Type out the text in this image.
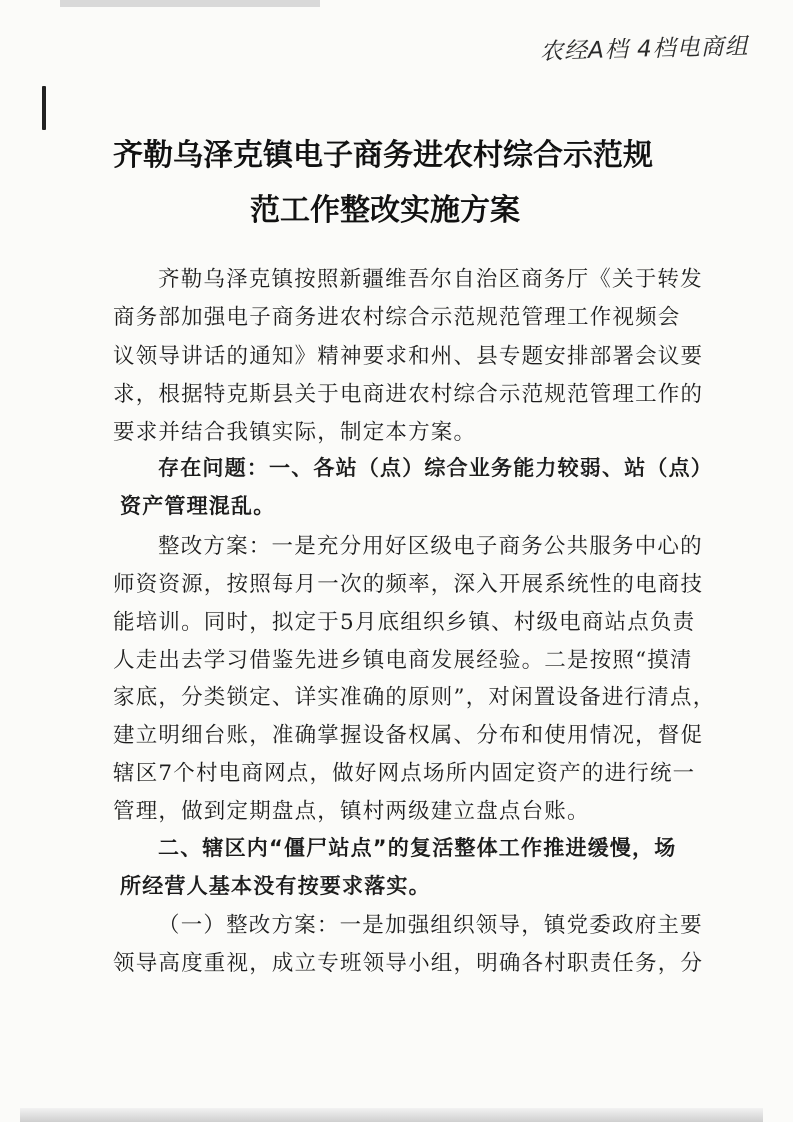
农经A档 4档电商组
齐勒乌泽克镇电子商务进农村综合示范规
范工作整改实施方案
齐勒乌泽克镇按照新疆维吾尔自治区商务厅《关于转发
商务部加强电子商务进农村综合示范规范管理工作视频会
议领导讲话的通知》精神要求和州、县专题安排部署会议要
求，根据特克斯县关于电商进农村综合示范规范管理工作的
要求并结合我镇实际，制定本方案。
存在问题：一、各站（点）综合业务能力较弱、站（点）
资产管理混乱。
整改方案：一是充分用好区级电子商务公共服务中心的
师资资源，按照每月一次的频率，深入开展系统性的电商技
能培训。同时，拟定于5月底组织乡镇、村级电商站点负责
人走出去学习借鉴先进乡镇电商发展经验。二是按照“摸清
家底，分类锁定、详实准确的原则”，对闲置设备进行清点，
建立明细台账，准确掌握设备权属、分布和使用情况，督促
辖区7个村电商网点，做好网点场所内固定资产的进行统一
管理，做到定期盘点，镇村两级建立盘点台账。
二、辖区内“僵尸站点”的复活整体工作推进缓慢，场
所经营人基本没有按要求落实。
（一）整改方案：一是加强组织领导，镇党委政府主要
领导高度重视，成立专班领导小组，明确各村职责任务，分
